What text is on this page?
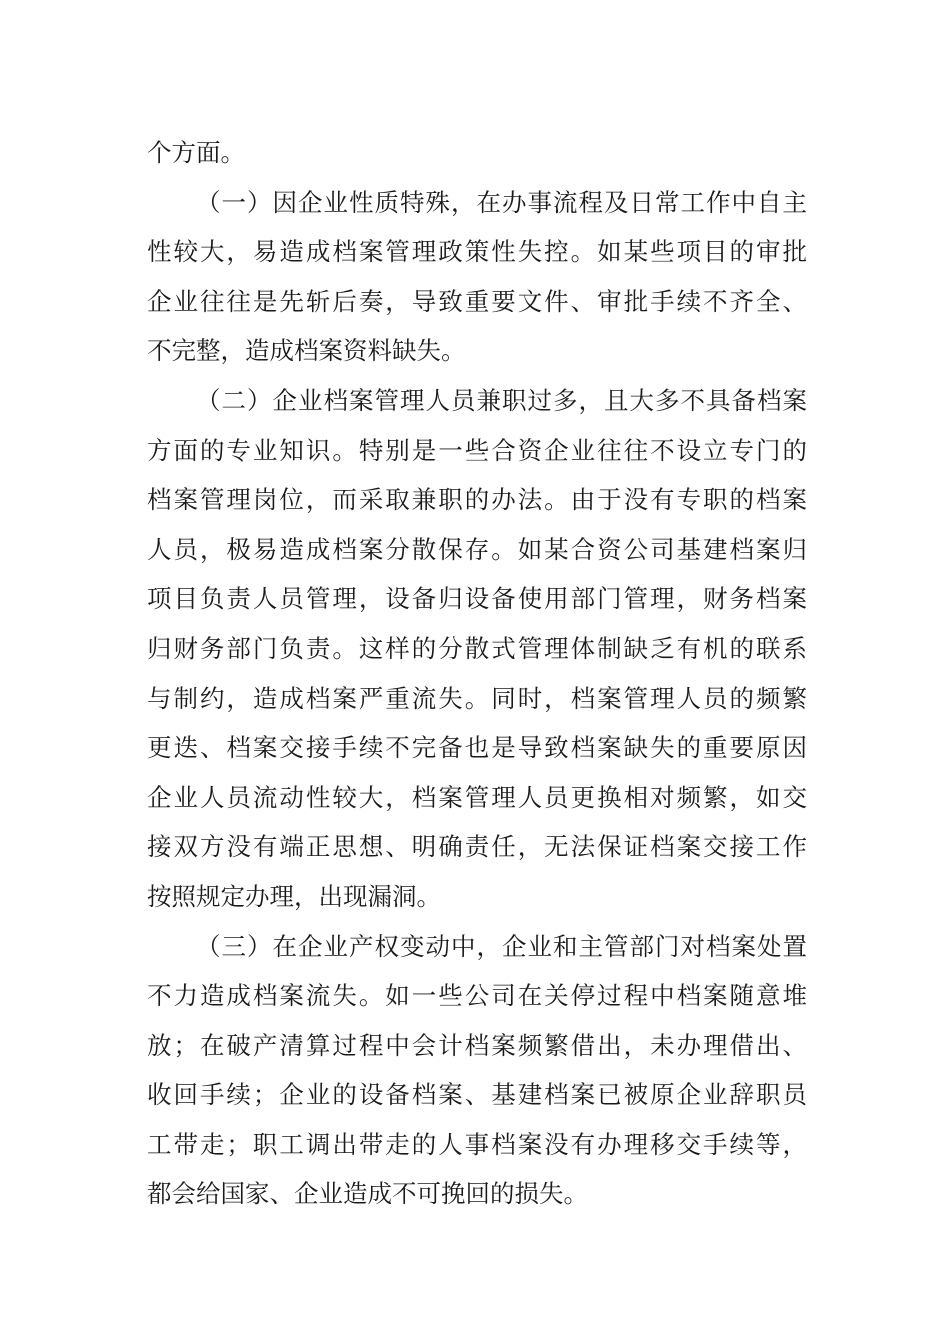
个方面。
（一）因企业性质特殊，在办事流程及日常工作中自主
性较大，易造成档案管理政策性失控。如某些项目的审批
企业往往是先斩后奏，导致重要文件、审批手续不齐全、
不完整，造成档案资料缺失。
（二）企业档案管理人员兼职过多，且大多不具备档案
方面的专业知识。特别是一些合资企业往往不设立专门的
档案管理岗位，而采取兼职的办法。由于没有专职的档案
人员，极易造成档案分散保存。如某合资公司基建档案归
项目负责人员管理，设备归设备使用部门管理，财务档案
归财务部门负责。这样的分散式管理体制缺乏有机的联系
与制约，造成档案严重流失。同时，档案管理人员的频繁
更迭、档案交接手续不完备也是导致档案缺失的重要原因
企业人员流动性较大，档案管理人员更换相对频繁，如交
接双方没有端正思想、明确责任，无法保证档案交接工作
按照规定办理，出现漏洞。
（三）在企业产权变动中，企业和主管部门对档案处置
不力造成档案流失。如一些公司在关停过程中档案随意堆
放；在破产清算过程中会计档案频繁借出，未办理借出、
收回手续；企业的设备档案、基建档案已被原企业辞职员
工带走；职工调出带走的人事档案没有办理移交手续等，
都会给国家、企业造成不可挽回的损失。
